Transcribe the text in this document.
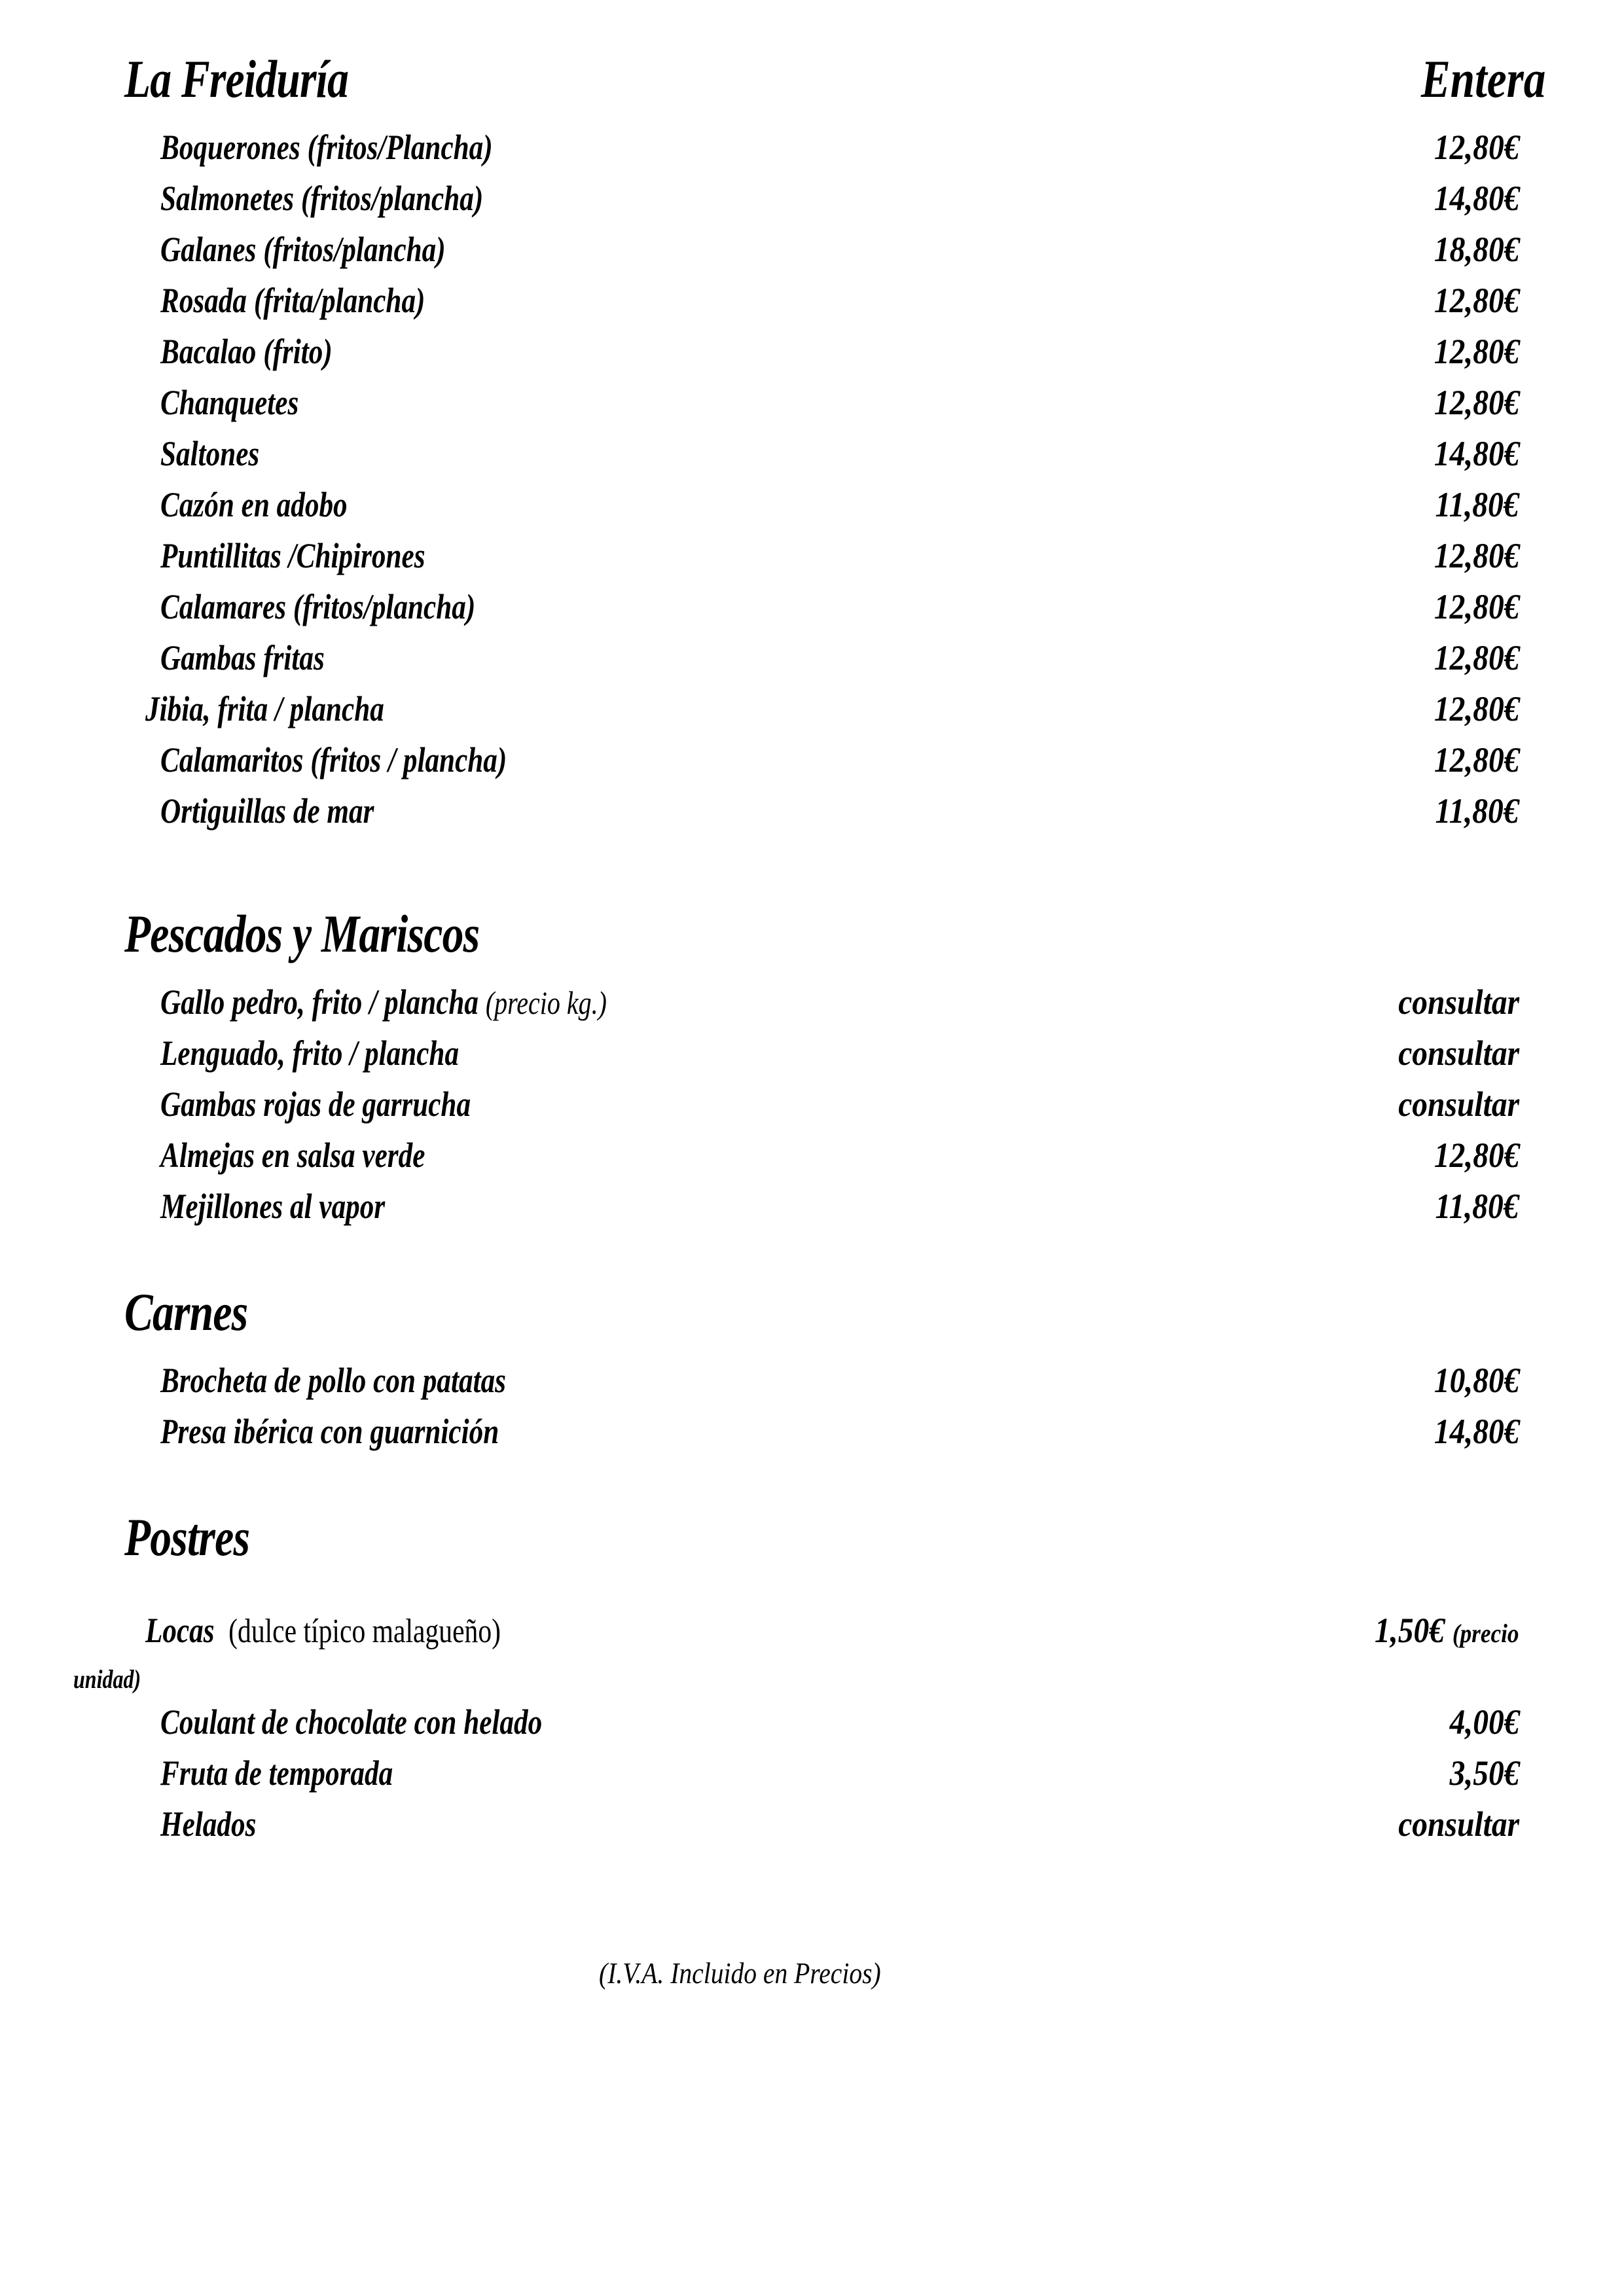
La Freiduría	Entera
Boquerones (fritos/Plancha)	12,80€
Salmonetes (fritos/plancha)	14,80€
Galanes (fritos/plancha)	18,80€
Rosada (frita/plancha)	12,80€
Bacalao (frito)	12,80€
Chanquetes	12,80€
Saltones	14,80€
Cazón en adobo	11,80€
Puntillitas /Chipirones	12,80€
Calamares (fritos/plancha)	12,80€
Gambas fritas	12,80€
Jibia, frita / plancha	12,80€
Calamaritos (fritos / plancha)	12,80€
Ortiguillas de mar	11,80€
Pescados y Mariscos
Gallo pedro, frito / plancha (precio kg.)	consultar
Lenguado, frito / plancha	consultar
Gambas rojas de garrucha	consultar
Almejas en salsa verde	12,80€
Mejillones al vapor	11,80€
Carnes
Brocheta de pollo con patatas	10,80€
Presa ibérica con guarnición	14,80€
Postres
Locas (dulce típico malagueño)	1,50€ (precio
unidad)
Coulant de chocolate con helado	4,00€
Fruta de temporada	3,50€
Helados	consultar
(I.V.A. Incluido en Precios)
